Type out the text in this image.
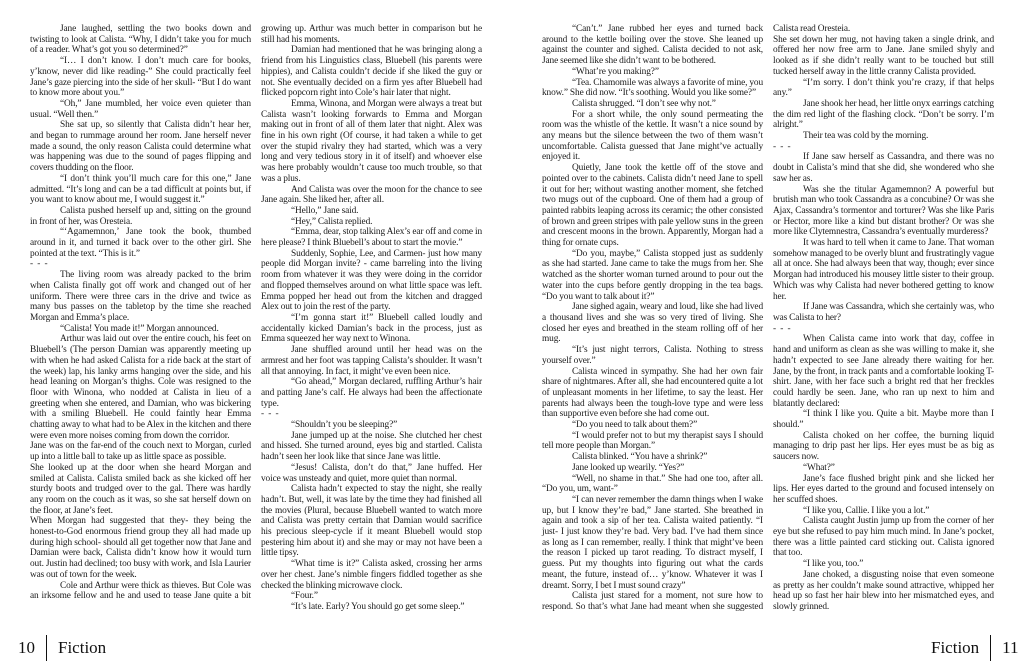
Jane laughed, settling the two books down and twisting to look at Calista. “Why, I didn’t take you for much of a reader. What’s got you so determined?”

“I… I don’t know. I don’t much care for books, y’know, never did like reading-” She could practically feel Jane’s gaze piercing into the side of her skull- “But I do want to know more about you.”

“Oh,” Jane mumbled, her voice even quieter than usual. “Well then.”

She sat up, so silently that Calista didn’t hear her, and began to rummage around her room. Jane herself never made a sound, the only reason Calista could determine what was happening was due to the sound of pages flipping and covers thudding on the floor.

“I don’t think you’ll much care for this one,” Jane admitted. “It’s long and can be a tad difficult at points but, if you want to know about me, I would suggest it.”

Calista pushed herself up and, sitting on the ground in front of her, was Oresteia.

“‘Agamemnon,’ Jane took the book, thumbed around in it, and turned it back over to the other girl. She pointed at the text. “This is it.”

- - -

The living room was already packed to the brim when Calista finally got off work and changed out of her uniform. There were three cars in the drive and twice as many bus passes on the tabletop by the time she reached Morgan and Emma’s place.

“Calista! You made it!” Morgan announced.

Arthur was laid out over the entire couch, his feet on Bluebell’s (The person Damian was apparently meeting up with when he had asked Calista for a ride back at the start of the week) lap, his lanky arms hanging over the side, and his head leaning on Morgan’s thighs. Cole was resigned to the floor with Winona, who nodded at Calista in lieu of a greeting when she entered, and Damian, who was bickering with a smiling Bluebell. He could faintly hear Emma chatting away to what had to be Alex in the kitchen and there were even more noises coming from down the corridor.

Jane was on the far-end of the couch next to Morgan, curled up into a little ball to take up as little space as possible.

She looked up at the door when she heard Morgan and smiled at Calista. Calista smiled back as she kicked off her sturdy boots and trudged over to the gal. There was hardly any room on the couch as it was, so she sat herself down on the floor, at Jane’s feet.

When Morgan had suggested that they- they being the honest-to-God enormous friend group they all had made up during high school- should all get together now that Jane and Damian were back, Calista didn’t know how it would turn out. Justin had declined; too busy with work, and Isla Laurier was out of town for the week.

Cole and Arthur were thick as thieves. But Cole was an irksome fellow and he and used to tease Jane quite a bit

growing up. Arthur was much better in comparison but he still had his moments.

Damian had mentioned that he was bringing along a friend from his Linguistics class, Bluebell (his parents were hippies), and Calista couldn’t decide if she liked the guy or not. She eventually decided on a firm yes after Bluebell had flicked popcorn right into Cole’s hair later that night.

Emma, Winona, and Morgan were always a treat but Calista wasn’t looking forwards to Emma and Morgan making out in front of all of them later that night. Alex was fine in his own right (Of course, it had taken a while to get over the stupid rivalry they had started, which was a very long and very tedious story in it of itself) and whoever else was here probably wouldn’t cause too much trouble, so that was a plus.

And Calista was over the moon for the chance to see Jane again. She liked her, after all.

“Hello,” Jane said.

“Hey,” Calista replied.

“Emma, dear, stop talking Alex’s ear off and come in here please? I think Bluebell’s about to start the movie.”

Suddenly, Sophie, Lee, and Carmen- just how many people did Morgan invite? - came barreling into the living room from whatever it was they were doing in the corridor and flopped themselves around on what little space was left. Emma popped her head out from the kitchen and dragged Alex out to join the rest of the party.

“I’m gonna start it!” Bluebell called loudly and accidentally kicked Damian’s back in the process, just as Emma squeezed her way next to Winona.

Jane shuffled around until her head was on the armrest and her foot was tapping Calista’s shoulder. It wasn’t all that annoying. In fact, it might’ve even been nice.

“Go ahead,” Morgan declared, ruffling Arthur’s hair and patting Jane’s calf. He always had been the affectionate type.

- - -

“Shouldn’t you be sleeping?”

Jane jumped up at the noise. She clutched her chest and hissed. She turned around, eyes big and startled. Calista hadn’t seen her look like that since Jane was little.

“Jesus! Calista, don’t do that,” Jane huffed. Her voice was unsteady and quiet, more quiet than normal.

Calista hadn’t expected to stay the night, she really hadn’t. But, well, it was late by the time they had finished all the movies (Plural, because Bluebell wanted to watch more and Calista was pretty certain that Damian would sacrifice his precious sleep-cycle if it meant Bluebell would stop pestering him about it) and she may or may not have been a little tipsy.

“What time is it?” Calista asked, crossing her arms over her chest. Jane’s nimble fingers fiddled together as she checked the blinking microwave clock.

“Four.”

“It’s late. Early? You should go get some sleep.”

10 Fiction

“Can’t.” Jane rubbed her eyes and turned back around to the kettle boiling over the stove. She leaned up against the counter and sighed. Calista decided to not ask, Jane seemed like she didn’t want to be bothered.

“What’re you making?”

“Tea. Chamomile was always a favorite of mine, you know.” She did now. “It’s soothing. Would you like some?”

Calista shrugged. “I don’t see why not.”

For a short while, the only sound permeating the room was the whistle of the kettle. It wasn’t a nice sound by any means but the silence between the two of them wasn’t uncomfortable. Calista guessed that Jane might’ve actually enjoyed it.

Quietly, Jane took the kettle off of the stove and pointed over to the cabinets. Calista didn’t need Jane to spell it out for her; without wasting another moment, she fetched two mugs out of the cupboard. One of them had a group of painted rabbits leaping across its ceramic; the other consisted of brown and green stripes with pale yellow suns in the green and crescent moons in the brown. Apparently, Morgan had a thing for ornate cups.

“Do you, maybe,” Calista stopped just as suddenly as she had started. Jane came to take the mugs from her. She watched as the shorter woman turned around to pour out the water into the cups before gently dropping in the tea bags. “Do you want to talk about it?”

Jane sighed again, weary and loud, like she had lived a thousand lives and she was so very tired of living. She closed her eyes and breathed in the steam rolling off of her mug.

“It’s just night terrors, Calista. Nothing to stress yourself over.”

Calista winced in sympathy. She had her own fair share of nightmares. After all, she had encountered quite a lot of unpleasant moments in her lifetime, to say the least. Her parents had always been the tough-love type and were less than supportive even before she had come out.

“Do you need to talk about them?”

“I would prefer not to but my therapist says I should tell more people than Morgan.”

Calista blinked. “You have a shrink?”

Jane looked up wearily. “Yes?”

“Well, no shame in that.” She had one too, after all. “Do you, um, want-”

“I can never remember the damn things when I wake up, but I know they’re bad,” Jane started. She breathed in again and took a sip of her tea. Calista waited patiently. “I just- I just know they’re bad. Very bad. I’ve had them since as long as I can remember, really. I think that might’ve been the reason I picked up tarot reading. To distract myself, I guess. Put my thoughts into figuring out what the cards meant, the future, instead of… y’know. Whatever it was I dreamt. Sorry, I bet I must sound crazy”

Calista just stared for a moment, not sure how to respond. So that’s what Jane had meant when she suggested

Calista read Oresteia.

She set down her mug, not having taken a single drink, and offered her now free arm to Jane. Jane smiled shyly and looked as if she didn’t really want to be touched but still tucked herself away in the little cranny Calista provided.

“I’m sorry. I don’t think you’re crazy, if that helps any.”

Jane shook her head, her little onyx earrings catching the dim red light of the flashing clock. “Don’t be sorry. I’m alright.”

Their tea was cold by the morning.

- - -

If Jane saw herself as Cassandra, and there was no doubt in Calista’s mind that she did, she wondered who she saw her as.

Was she the titular Agamemnon? A powerful but brutish man who took Cassandra as a concubine? Or was she Ajax, Cassandra’s tormentor and torturer? Was she like Paris or Hector, more like a kind but distant brother? Or was she more like Clytemnestra, Cassandra’s eventually murderess?

It was hard to tell when it came to Jane. That woman somehow managed to be overly blunt and frustratingly vague all at once. She had always been that way, though; ever since Morgan had introduced his mousey little sister to their group. Which was why Calista had never bothered getting to know her.

If Jane was Cassandra, which she certainly was, who was Calista to her?

- - -

When Calista came into work that day, coffee in hand and uniform as clean as she was willing to make it, she hadn’t expected to see Jane already there waiting for her. Jane, by the front, in track pants and a comfortable looking T-shirt. Jane, with her face such a bright red that her freckles could hardly be seen. Jane, who ran up next to him and blatantly declared:

“I think I like you. Quite a bit. Maybe more than I should.”

Calista choked on her coffee, the burning liquid managing to drip past her lips. Her eyes must be as big as saucers now.

“What?”

Jane’s face flushed bright pink and she licked her lips. Her eyes darted to the ground and focused intensely on her scuffed shoes.

“I like you, Callie. I like you a lot.”

Calista caught Justin jump up from the corner of her eye but she refused to pay him much mind. In Jane’s pocket, there was a little painted card sticking out. Calista ignored that too.

“I like you, too.”

Jane choked, a disgusting noise that even someone as pretty as her couldn’t make sound attractive, whipped her head up so fast her hair blew into her mismatched eyes, and slowly grinned.

Fiction 11
